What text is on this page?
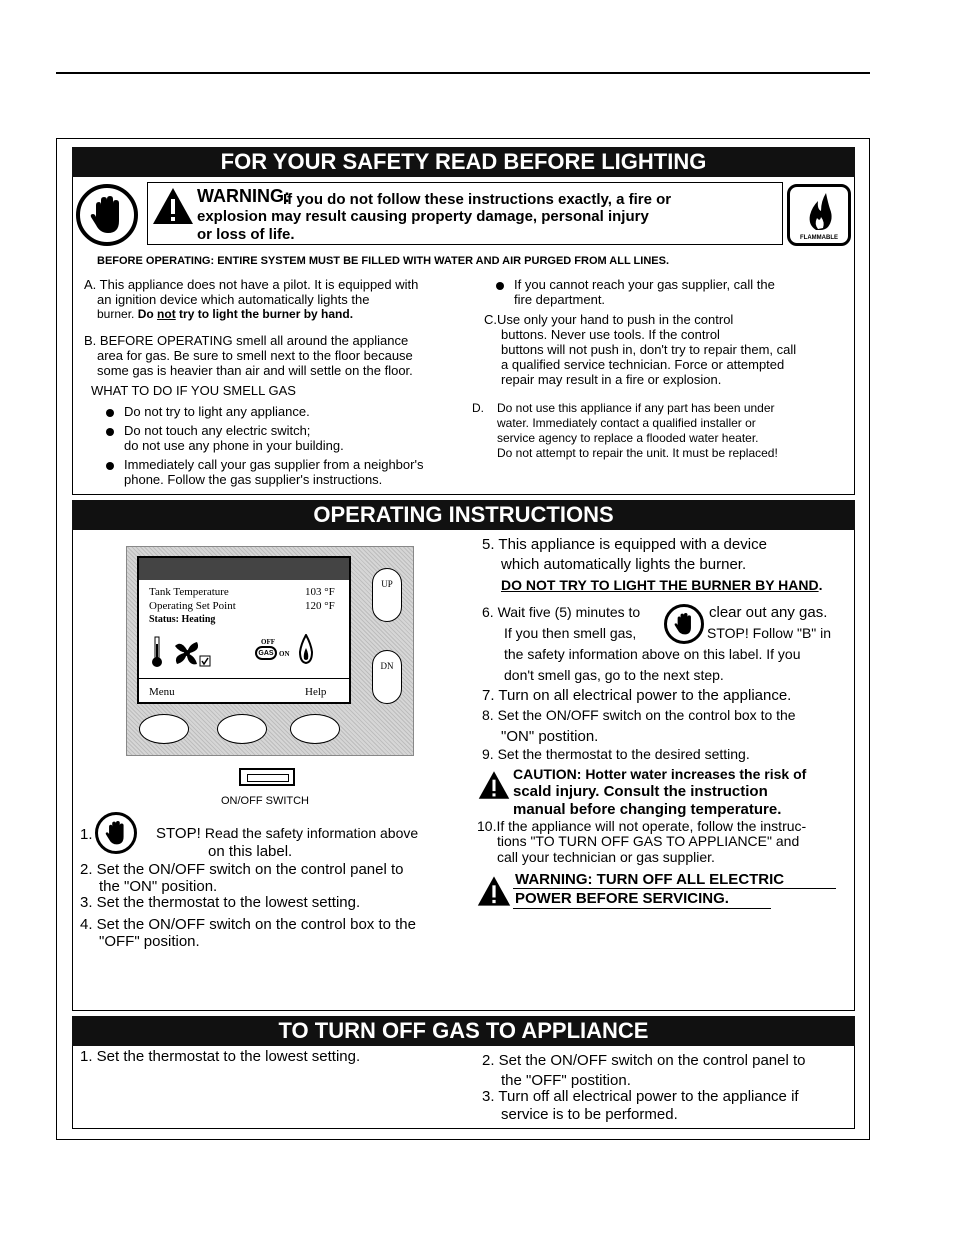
FOR YOUR SAFETY READ BEFORE LIGHTING
WARNING:
If you do not follow these instructions exactly, a fire or
explosion may result causing property damage, personal injury
or loss of life.	FLAMMABLE
BEFORE OPERATING: ENTIRE SYSTEM MUST BE FILLED WITH WATER AND AIR PURGED FROM ALL LINES.
A. This appliance does not have a pilot. It is equipped with
an ignition device which automatically lights the
burner. Do not try to light the burner by hand.
B. BEFORE OPERATING smell all around the appliance
area for gas. Be sure to smell next to the floor because
some gas is heavier than air and will settle on the floor.
WHAT TO DO IF YOU SMELL GAS
Do not try to light any appliance.
Do not touch any electric switch;
do not use any phone in your building.
Immediately call your gas supplier from a neighbor's
phone. Follow the gas supplier's instructions.
If you cannot reach your gas supplier, call the
fire department.
C.Use only your hand to push in the control
buttons. Never use tools. If the control
buttons will not push in, don't try to repair them, call
a qualified service technician. Force or attempted
repair may result in a fire or explosion.
D. Do not use this appliance if any part has been under
water. Immediately contact a qualified installer or
service agency to replace a flooded water heater.
Do not attempt to repair the unit. It must be replaced!
OPERATING INSTRUCTIONS
Tank Temperature	103 °F
Operating Set Point	120 °F
Status: Heating
OFF
GAS ON
Menu	Help
UP
DN
ON/OFF SWITCH
1.	STOP! Read the safety information above
on this label.
2. Set the ON/OFF switch on the control panel to
the "ON" position.
3. Set the thermostat to the lowest setting.
4. Set the ON/OFF switch on the control box to the
"OFF" position.
5. This appliance is equipped with a device
which automatically lights the burner.
DO NOT TRY TO LIGHT THE BURNER BY HAND.
6. Wait five (5) minutes to	clear out any gas.
If you then smell gas,	STOP! Follow "B" in
the safety information above on this label. If you
don't smell gas, go to the next step.
7. Turn on all electrical power to the appliance.
8. Set the ON/OFF switch on the control box to the
"ON" postition.
9. Set the thermostat to the desired setting.
CAUTION: Hotter water increases the risk of
scald injury. Consult the instruction
manual before changing temperature.
10.If the appliance will not operate, follow the instruc-
tions "TO TURN OFF GAS TO APPLIANCE" and
call your technician or gas supplier.
WARNING: TURN OFF ALL ELECTRIC
POWER BEFORE SERVICING.
TO TURN OFF GAS TO APPLIANCE
1. Set the thermostat to the lowest setting.	2. Set the ON/OFF switch on the control panel to
the "OFF" postition.
3. Turn off all electrical power to the appliance if
service is to be performed.
